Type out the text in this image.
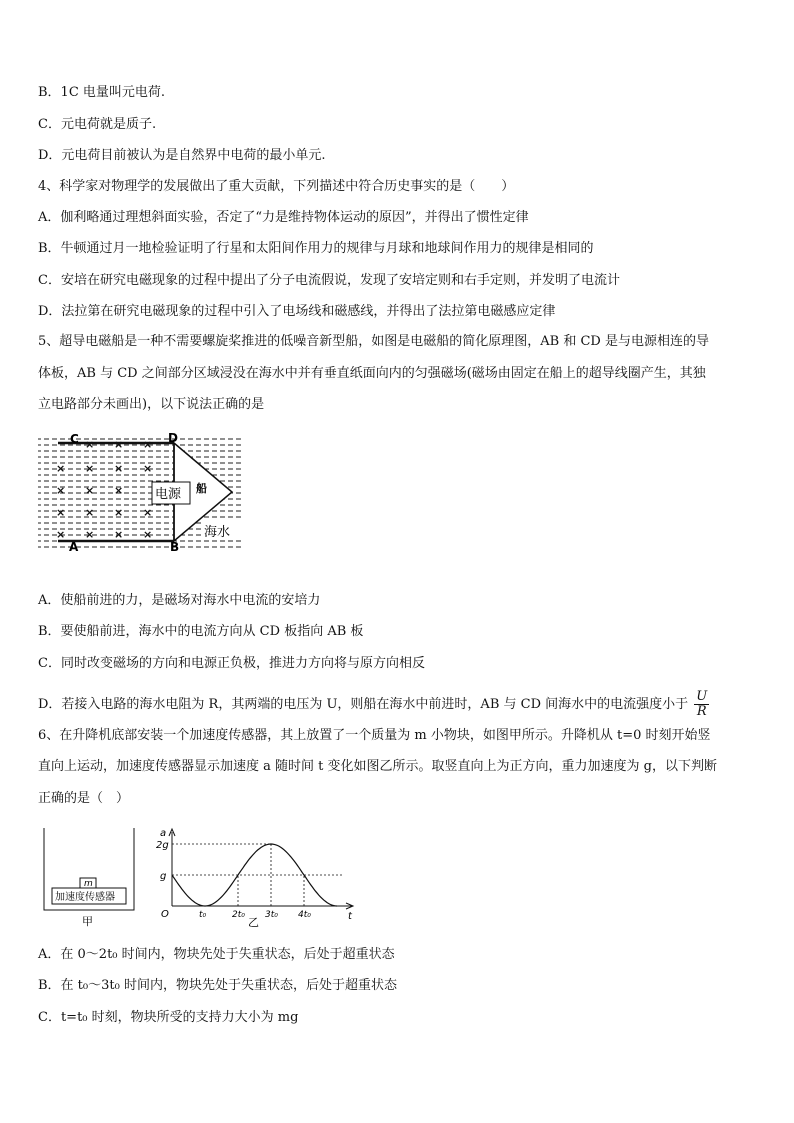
B．1C 电量叫元电荷.
C．元电荷就是质子.
D．元电荷目前被认为是自然界中电荷的最小单元.
4、科学家对物理学的发展做出了重大贡献，下列描述中符合历史事实的是（　　）
A．伽利略通过理想斜面实验，否定了“力是维持物体运动的原因”，并得出了惯性定律
B．牛顿通过月一地检验证明了行星和太阳间作用力的规律与月球和地球间作用力的规律是相同的
C．安培在研究电磁现象的过程中提出了分子电流假说，发现了安培定则和右手定则，并发明了电流计
D．法拉第在研究电磁现象的过程中引入了电场线和磁感线，并得出了法拉第电磁感应定律
5、超导电磁船是一种不需要螺旋桨推进的低噪音新型船，如图是电磁船的简化原理图，AB 和 CD 是与电源相连的导
体板，AB 与 CD 之间部分区域浸没在海水中并有垂直纸面向内的匀强磁场(磁场由固定在船上的超导线圈产生，其独
立电路部分未画出)，以下说法正确的是
电源 船
海水
× × ×
× × × ×
× × ×
× × × ×
× × × ×
C	D
A	B
A．使船前进的力，是磁场对海水中电流的安培力
B．要使船前进，海水中的电流方向从 CD 板指向 AB 板
C．同时改变磁场的方向和电源正负极，推进力方向将与原方向相反
D．若接入电路的海水电阻为 R，其两端的电压为 U，则船在海水中前进时，AB 与 CD 间海水中的电流强度小于 $\frac{U}{R}$
6、在升降机底部安装一个加速度传感器，其上放置了一个质量为 m 小物块，如图甲所示。升降机从 t=0 时刻开始竖
直向上运动，加速度传感器显示加速度 a 随时间 t 变化如图乙所示。取竖直向上为正方向，重力加速度为 g，以下判断
正确的是（　）
加速度传感器
m
甲
a
t
O
2g
g
t₀	2t₀ 3t₀ 4t₀
乙
A．在 0～2t₀ 时间内，物块先处于失重状态，后处于超重状态
B．在 t₀～3t₀ 时间内，物块先处于失重状态，后处于超重状态
C．t=t₀ 时刻，物块所受的支持力大小为 mg
